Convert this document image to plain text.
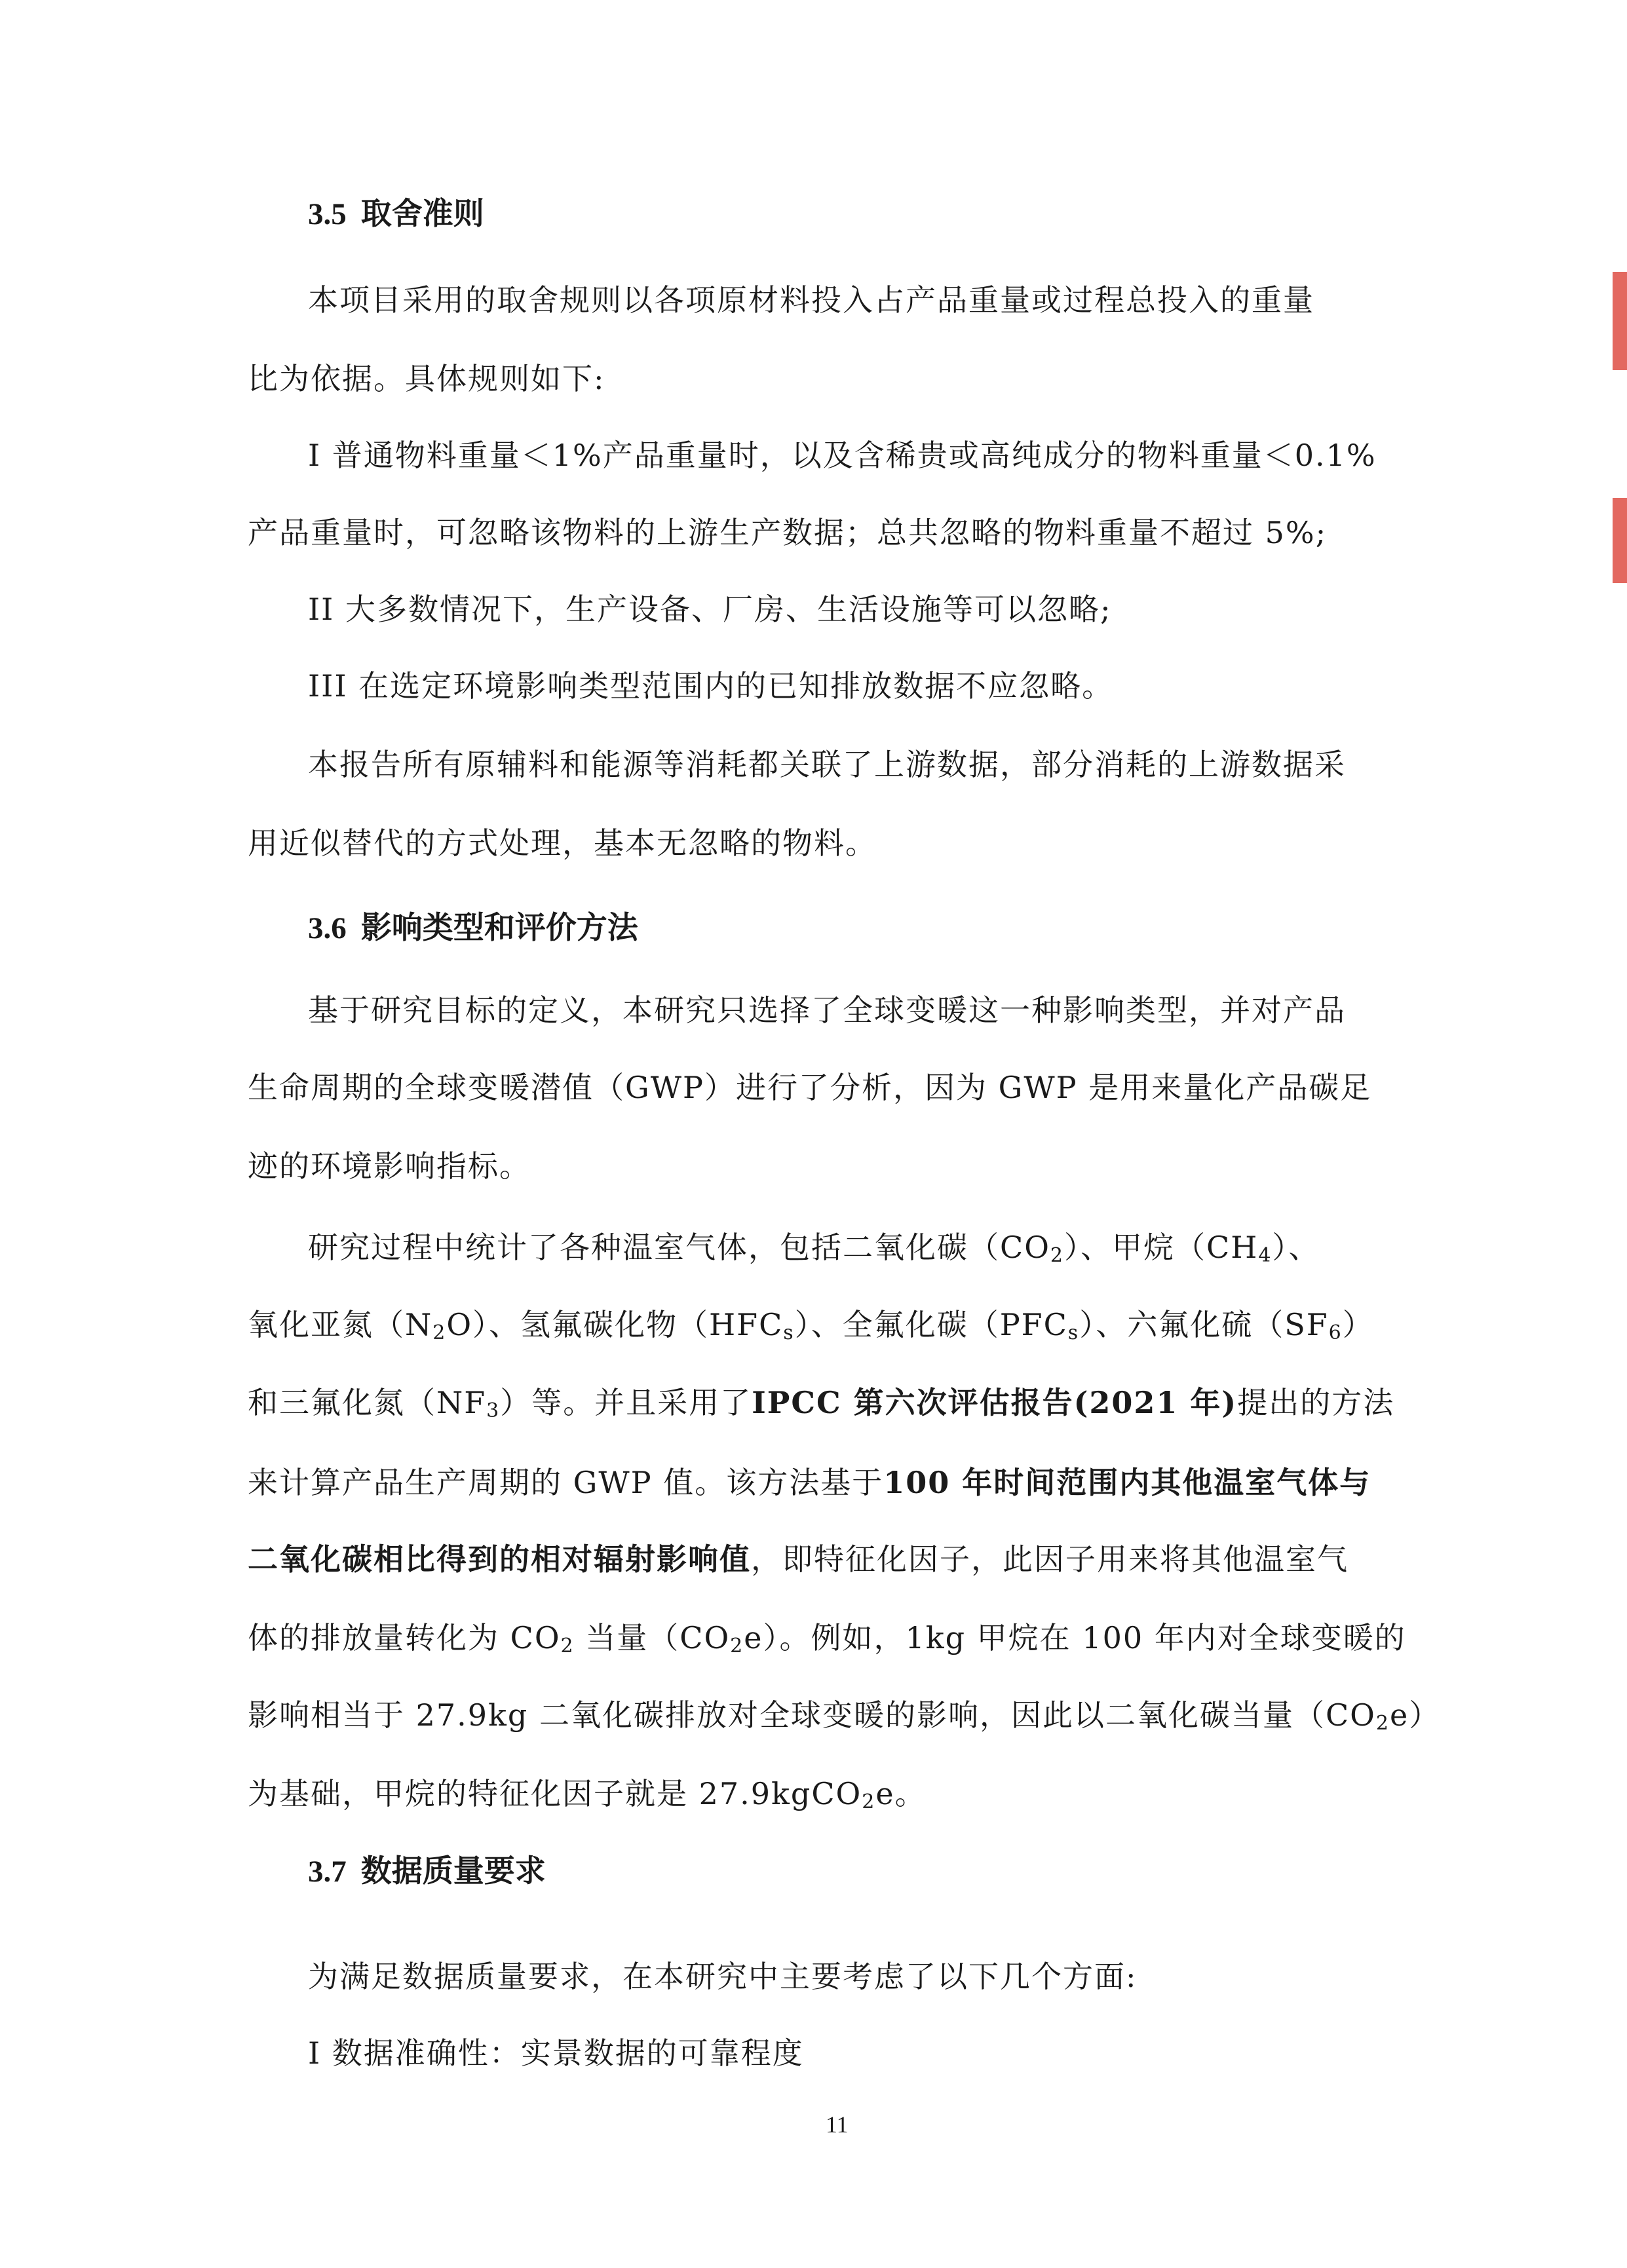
3.5 取舍准则
本项目采用的取舍规则以各项原材料投入占产品重量或过程总投入的重量
比为依据。具体规则如下:
I 普通物料重量＜1%产品重量时，以及含稀贵或高纯成分的物料重量＜0.1%
产品重量时，可忽略该物料的上游生产数据；总共忽略的物料重量不超过 5%;
II 大多数情况下，生产设备、厂房、生活设施等可以忽略;
III 在选定环境影响类型范围内的已知排放数据不应忽略。
本报告所有原辅料和能源等消耗都关联了上游数据，部分消耗的上游数据采
用近似替代的方式处理，基本无忽略的物料。
3.6 影响类型和评价方法
基于研究目标的定义，本研究只选择了全球变暖这一种影响类型，并对产品
生命周期的全球变暖潜值（GWP）进行了分析，因为 GWP 是用来量化产品碳足
迹的环境影响指标。
研究过程中统计了各种温室气体，包括二氧化碳$(CO_2)$、甲烷$(CH_4)$、
氧化亚氮$(N_2O)$、氢氟碳化物$(HFC_s)$、全氟化碳$(PFC_s)$、六氟化硫$(SF_6)$
和三氟化氮$(NF_3)$等。并且采用了IPCC 第六次评估报告(2021 年)提出的方法
来计算产品生产周期的 GWP 值。该方法基于100 年时间范围内其他温室气体与
二氧化碳相比得到的相对辐射影响值，即特征化因子，此因子用来将其他温室气
体的排放量转化为 $CO_2$ 当量$(CO_2e)$。例如，1kg 甲烷在 100 年内对全球变暖的
影响相当于 27.9kg 二氧化碳排放对全球变暖的影响，因此以二氧化碳当量$(CO_2e)$
为基础，甲烷的特征化因子就是 27.9kgCO$_2$e。
3.7 数据质量要求
为满足数据质量要求，在本研究中主要考虑了以下几个方面:
I 数据准确性：实景数据的可靠程度
11
